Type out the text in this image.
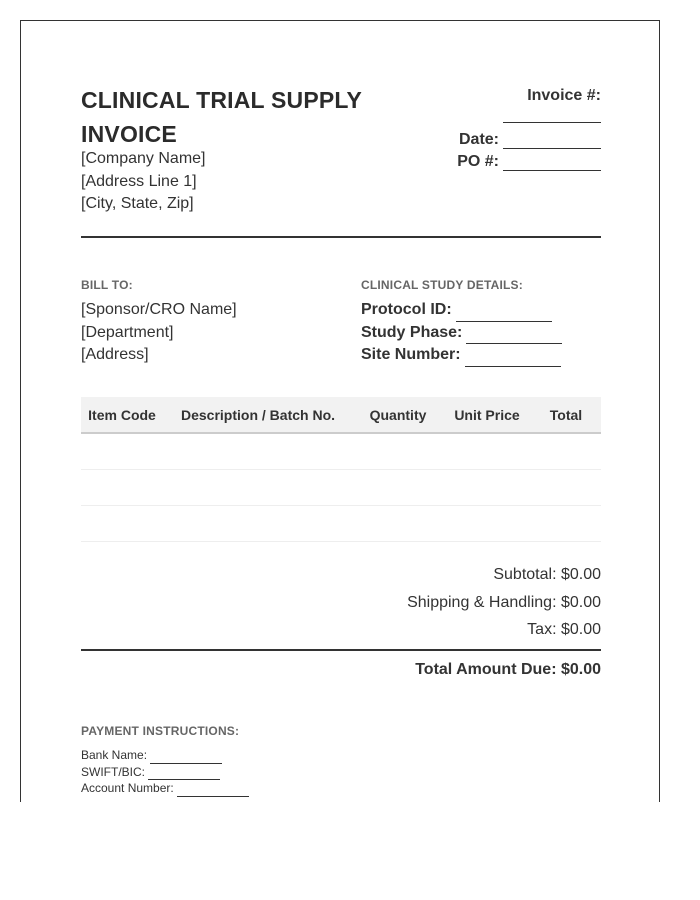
CLINICAL TRIAL SUPPLY INVOICE
[Company Name]
[Address Line 1]
[City, State, Zip]
Invoice #:
Date:
PO #:
BILL TO:
[Sponsor/CRO Name]
[Department]
[Address]
CLINICAL STUDY DETAILS:
Protocol ID:
Study Phase:
Site Number:
Item Code	Description / Batch No.	Quantity	Unit Price	Total

Subtotal: $0.00
Shipping & Handling: $0.00
Tax: $0.00
Total Amount Due: $0.00
PAYMENT INSTRUCTIONS:
Bank Name:
SWIFT/BIC:
Account Number:
